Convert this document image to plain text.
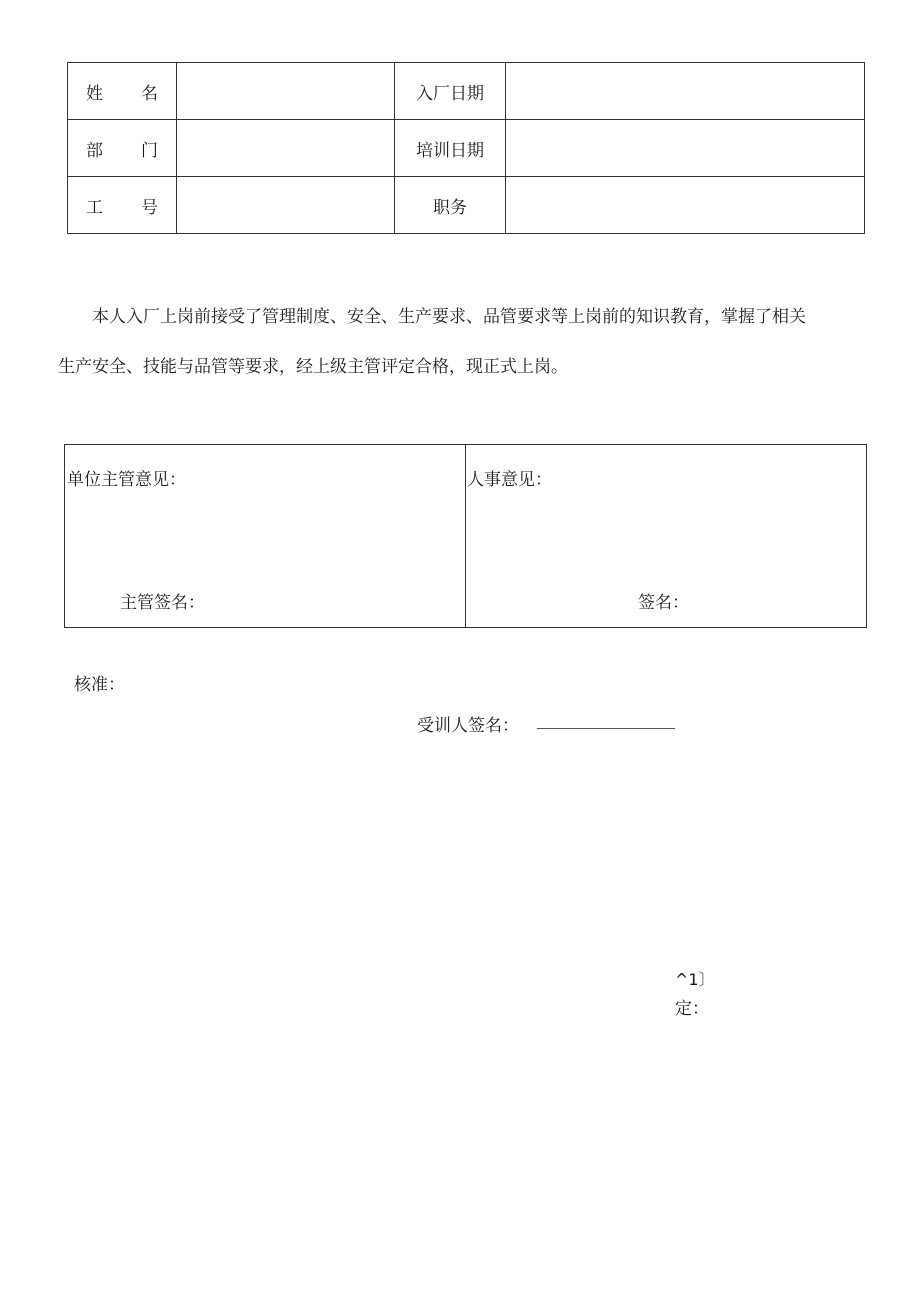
姓 名		入厂日期	

部 门		培训日期	

工 号		职务	

本人入厂上岗前接受了管理制度、安全、生产要求、品管要求等上岗前的知识教育，掌握了相关
生产安全、技能与品管等要求，经上级主管评定合格，现正式上岗。

单位主管意见：
主管签名：
人事意见：
签名：
核准：
受训人签名：
^1〕
定：
